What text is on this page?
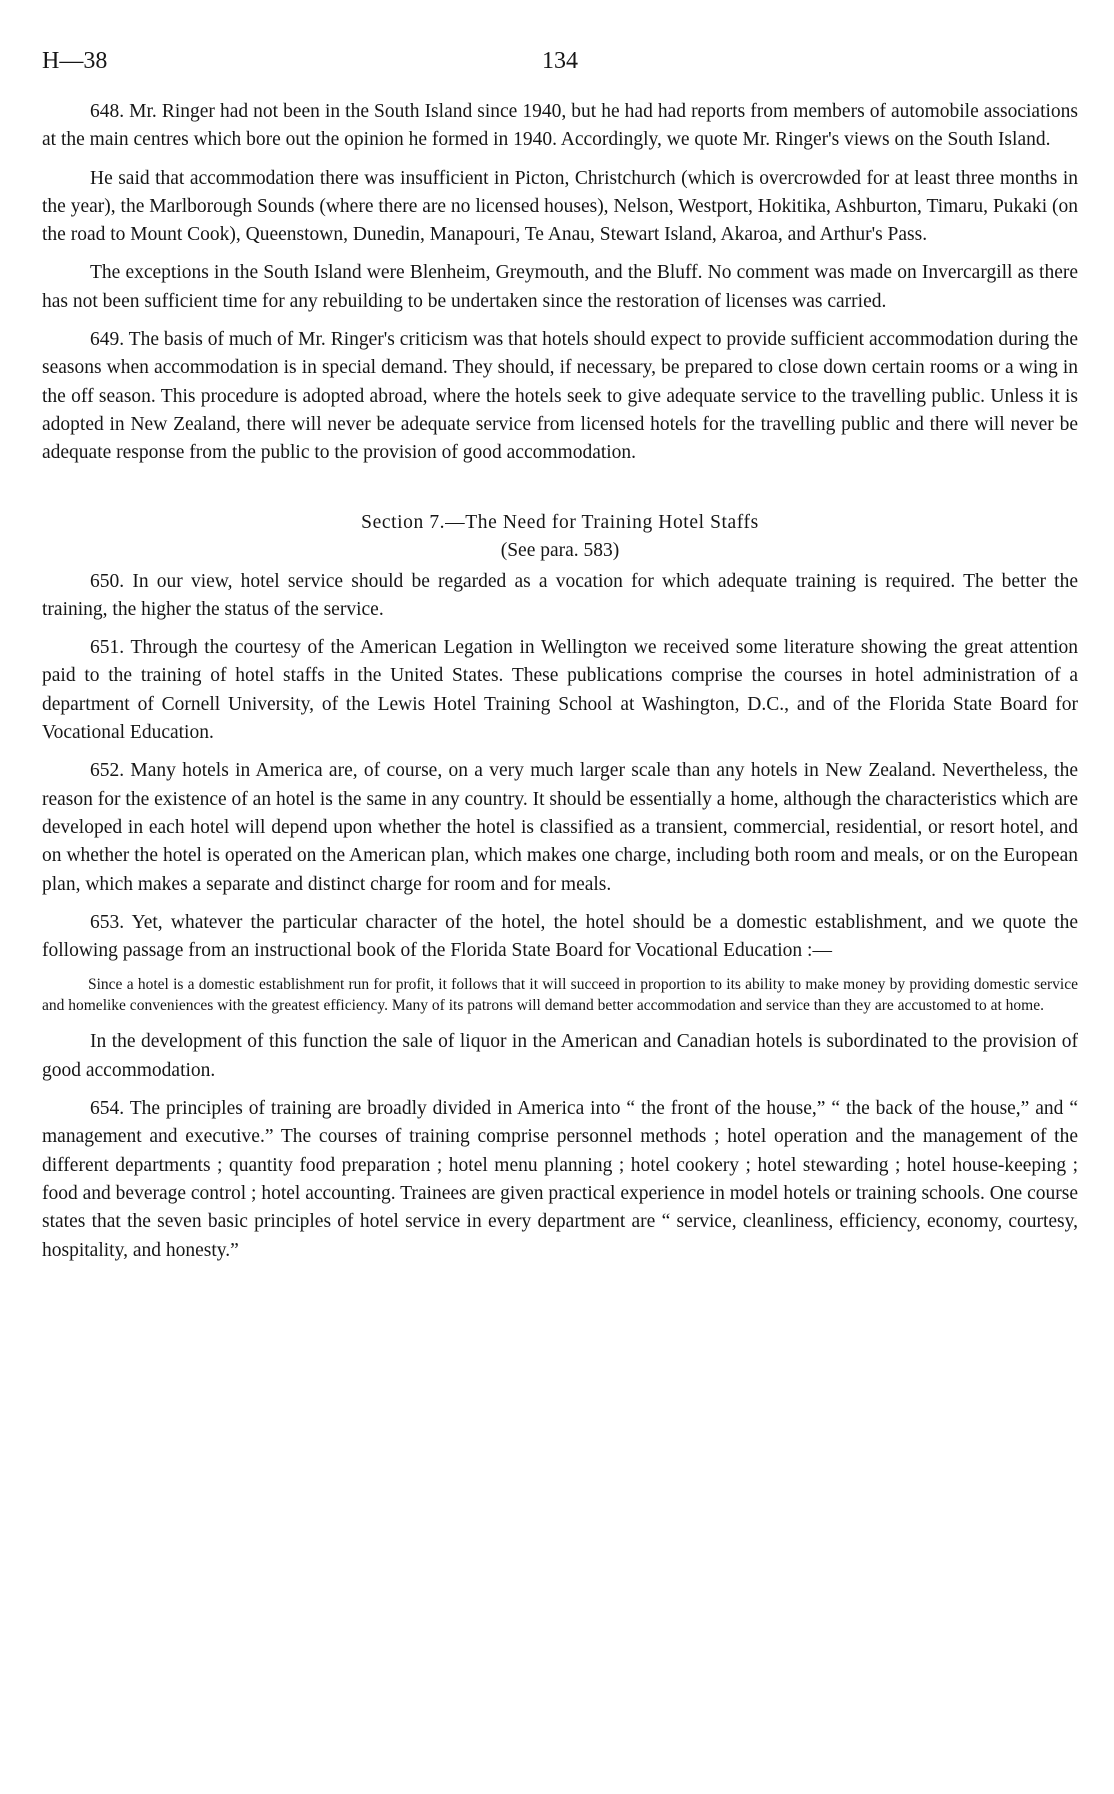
H—38	134

648. Mr. Ringer had not been in the South Island since 1940, but he had had reports from members of automobile associations at the main centres which bore out the opinion he formed in 1940. Accordingly, we quote Mr. Ringer's views on the South Island.

He said that accommodation there was insufficient in Picton, Christchurch (which is overcrowded for at least three months in the year), the Marlborough Sounds (where there are no licensed houses), Nelson, Westport, Hokitika, Ashburton, Timaru, Pukaki (on the road to Mount Cook), Queenstown, Dunedin, Manapouri, Te Anau, Stewart Island, Akaroa, and Arthur's Pass.

The exceptions in the South Island were Blenheim, Greymouth, and the Bluff. No comment was made on Invercargill as there has not been sufficient time for any rebuilding to be undertaken since the restoration of licenses was carried.

649. The basis of much of Mr. Ringer's criticism was that hotels should expect to provide sufficient accommodation during the seasons when accommodation is in special demand. They should, if necessary, be prepared to close down certain rooms or a wing in the off season. This procedure is adopted abroad, where the hotels seek to give adequate service to the travelling public. Unless it is adopted in New Zealand, there will never be adequate service from licensed hotels for the travelling public and there will never be adequate response from the public to the provision of good accommodation.

Section 7.—The Need for Training Hotel Staffs
(See para. 583)

650. In our view, hotel service should be regarded as a vocation for which adequate training is required. The better the training, the higher the status of the service.

651. Through the courtesy of the American Legation in Wellington we received some literature showing the great attention paid to the training of hotel staffs in the United States. These publications comprise the courses in hotel administration of a department of Cornell University, of the Lewis Hotel Training School at Washington, D.C., and of the Florida State Board for Vocational Education.

652. Many hotels in America are, of course, on a very much larger scale than any hotels in New Zealand. Nevertheless, the reason for the existence of an hotel is the same in any country. It should be essentially a home, although the characteristics which are developed in each hotel will depend upon whether the hotel is classified as a transient, commercial, residential, or resort hotel, and on whether the hotel is operated on the American plan, which makes one charge, including both room and meals, or on the European plan, which makes a separate and distinct charge for room and for meals.

653. Yet, whatever the particular character of the hotel, the hotel should be a domestic establishment, and we quote the following passage from an instructional book of the Florida State Board for Vocational Education :—

Since a hotel is a domestic establishment run for profit, it follows that it will succeed in proportion to its ability to make money by providing domestic service and homelike conveniences with the greatest efficiency. Many of its patrons will demand better accommodation and service than they are accustomed to at home.

In the development of this function the sale of liquor in the American and Canadian hotels is subordinated to the provision of good accommodation.

654. The principles of training are broadly divided in America into “ the front of the house,” “ the back of the house,” and “ management and executive.” The courses of training comprise personnel methods ; hotel operation and the management of the different departments ; quantity food preparation ; hotel menu planning ; hotel cookery ; hotel stewarding ; hotel house-keeping ; food and beverage control ; hotel accounting. Trainees are given practical experience in model hotels or training schools. One course states that the seven basic principles of hotel service in every department are “ service, cleanliness, efficiency, economy, courtesy, hospitality, and honesty.”
